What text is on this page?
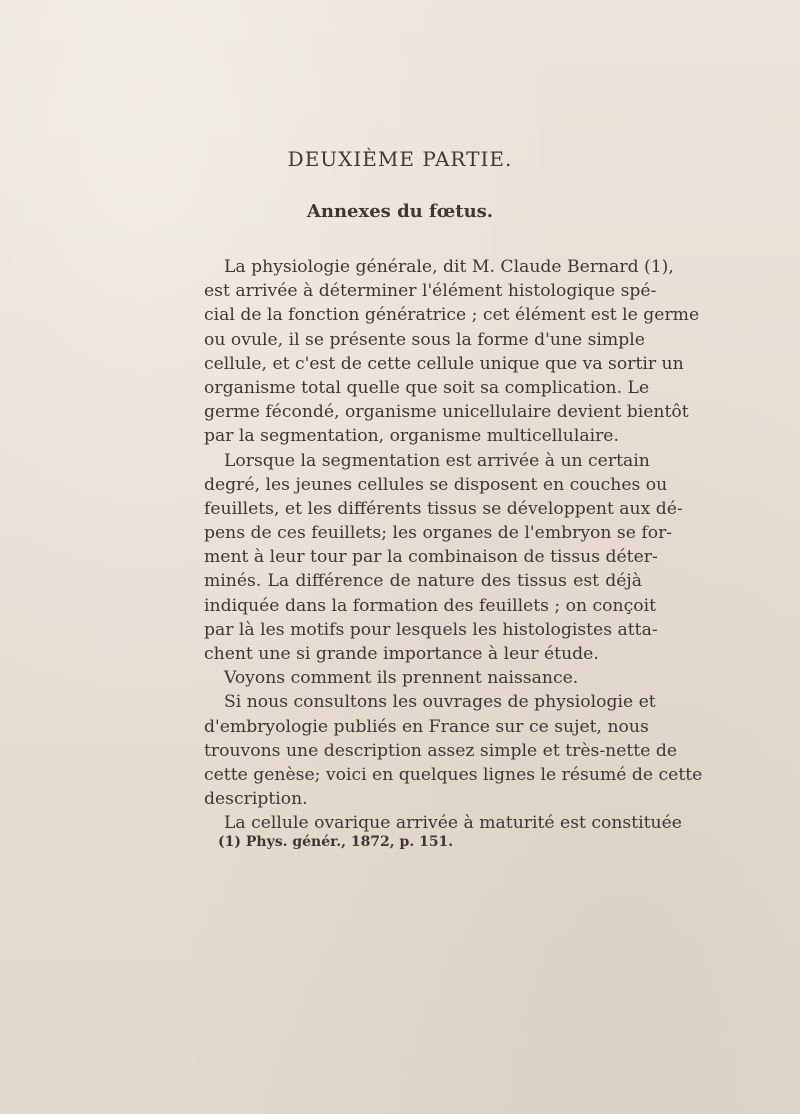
DEUXIÈME PARTIE.
Annexes du fœtus.
La physiologie générale, dit M. Claude Bernard (1),
est arrivée à déterminer l'élément histologique spé-
cial de la fonction génératrice ; cet élément est le germe
ou ovule, il se présente sous la forme d'une simple
cellule, et c'est de cette cellule unique que va sortir un
organisme total quelle que soit sa complication. Le
germe fécondé, organisme unicellulaire devient bientôt
par la segmentation, organisme multicellulaire.
Lorsque la segmentation est arrivée à un certain
degré, les jeunes cellules se disposent en couches ou
feuillets, et les différents tissus se développent aux dé-
pens de ces feuillets; les organes de l'embryon se for-
ment à leur tour par la combinaison de tissus déter-
minés. La différence de nature des tissus est déjà
indiquée dans la formation des feuillets ; on conçoit
par là les motifs pour lesquels les histologistes atta-
chent une si grande importance à leur étude.
Voyons comment ils prennent naissance.
Si nous consultons les ouvrages de physiologie et
d'embryologie publiés en France sur ce sujet, nous
trouvons une description assez simple et très-nette de
cette genèse; voici en quelques lignes le résumé de cette
description.
La cellule ovarique arrivée à maturité est constituée
(1) Phys. génér., 1872, p. 151.
